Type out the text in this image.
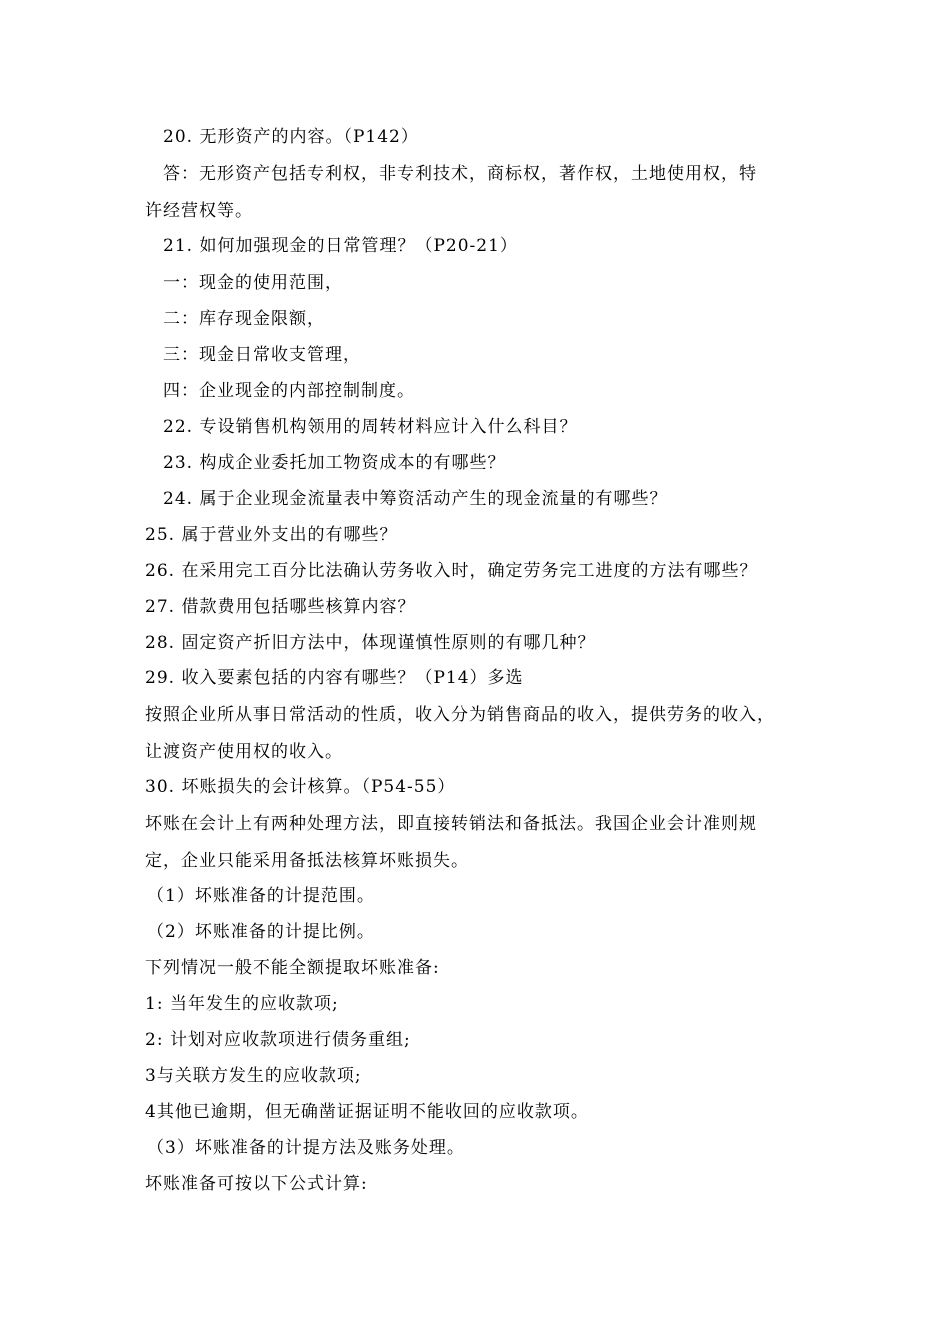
20. 无形资产的内容。（P142）
答：无形资产包括专利权，非专利技术，商标权，著作权，土地使用权，特
许经营权等。
21. 如何加强现金的日常管理？（P20-21）
一：现金的使用范围，
二：库存现金限额，
三：现金日常收支管理，
四：企业现金的内部控制制度。
22. 专设销售机构领用的周转材料应计入什么科目？
23. 构成企业委托加工物资成本的有哪些？
24. 属于企业现金流量表中筹资活动产生的现金流量的有哪些？
25. 属于营业外支出的有哪些？
26. 在采用完工百分比法确认劳务收入时，确定劳务完工进度的方法有哪些？
27. 借款费用包括哪些核算内容？
28. 固定资产折旧方法中，体现谨慎性原则的有哪几种？
29. 收入要素包括的内容有哪些？（P14）多选
按照企业所从事日常活动的性质，收入分为销售商品的收入，提供劳务的收入，
让渡资产使用权的收入。
30. 坏账损失的会计核算。（P54-55）
坏账在会计上有两种处理方法，即直接转销法和备抵法。我国企业会计准则规
定，企业只能采用备抵法核算坏账损失。
（1）坏账准备的计提范围。
（2）坏账准备的计提比例。
下列情况一般不能全额提取坏账准备:
1: 当年发生的应收款项;
2: 计划对应收款项进行债务重组;
3与关联方发生的应收款项;
4其他已逾期，但无确凿证据证明不能收回的应收款项。
（3）坏账准备的计提方法及账务处理。
坏账准备可按以下公式计算:
